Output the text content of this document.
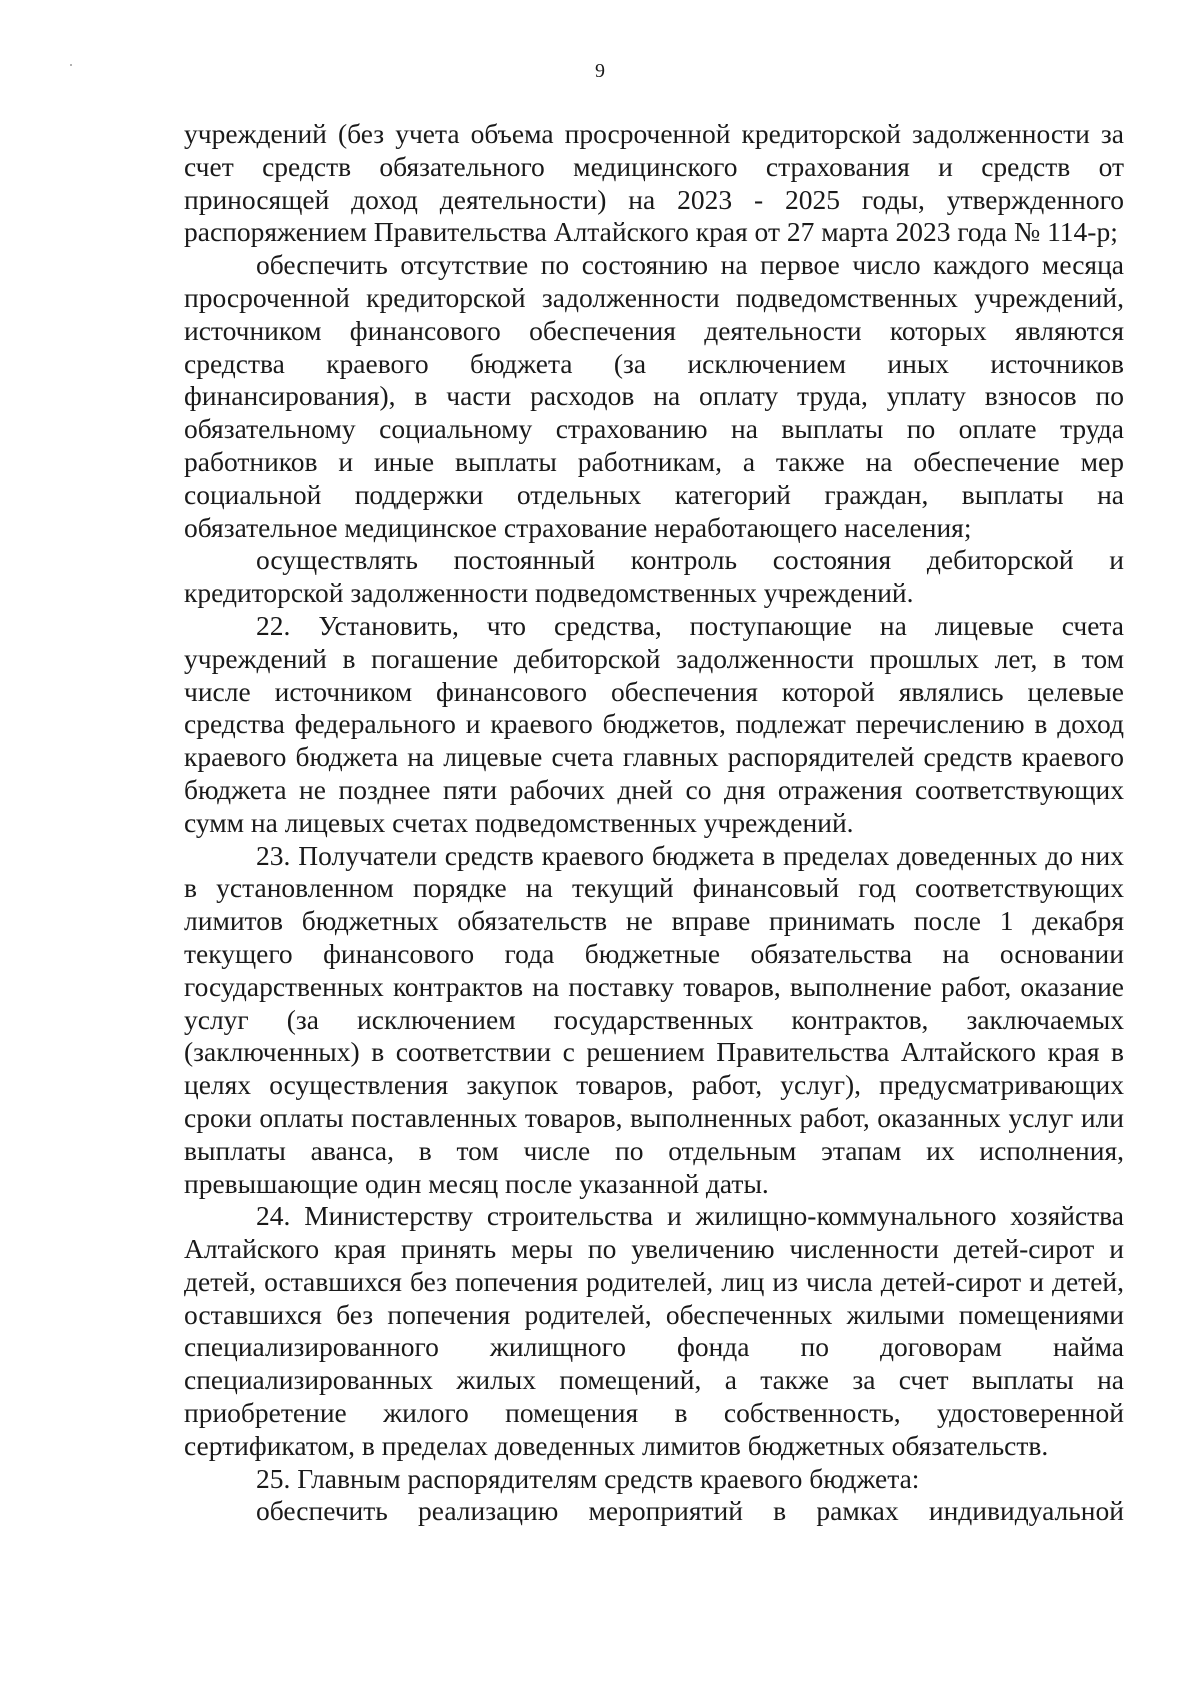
9

учреждений (без учета объема просроченной кредиторской задолженности за счет средств обязательного медицинского страхования и средств от приносящей доход деятельности) на 2023 - 2025 годы, утвержденного распоряжением Правительства Алтайского края от 27 марта 2023 года № 114-р;

обеспечить отсутствие по состоянию на первое число каждого месяца просроченной кредиторской задолженности подведомственных учреждений, источником финансового обеспечения деятельности которых являются средства краевого бюджета (за исключением иных источников финансирования), в части расходов на оплату труда, уплату взносов по обязательному социальному страхованию на выплаты по оплате труда работников и иные выплаты работникам, а также на обеспечение мер социальной поддержки отдельных категорий граждан, выплаты на обязательное медицинское страхование неработающего населения;

осуществлять постоянный контроль состояния дебиторской и кредиторской задолженности подведомственных учреждений.

22. Установить, что средства, поступающие на лицевые счета учреждений в погашение дебиторской задолженности прошлых лет, в том числе источником финансового обеспечения которой являлись целевые средства федерального и краевого бюджетов, подлежат перечислению в доход краевого бюджета на лицевые счета главных распорядителей средств краевого бюджета не позднее пяти рабочих дней со дня отражения соответствующих сумм на лицевых счетах подведомственных учреждений.

23. Получатели средств краевого бюджета в пределах доведенных до них в установленном порядке на текущий финансовый год соответствующих лимитов бюджетных обязательств не вправе принимать после 1 декабря текущего финансового года бюджетные обязательства на основании государственных контрактов на поставку товаров, выполнение работ, оказание услуг (за исключением государственных контрактов, заключаемых (заключенных) в соответствии с решением Правительства Алтайского края в целях осуществления закупок товаров, работ, услуг), предусматривающих сроки оплаты поставленных товаров, выполненных работ, оказанных услуг или выплаты аванса, в том числе по отдельным этапам их исполнения, превышающие один месяц после указанной даты.

24. Министерству строительства и жилищно-коммунального хозяйства Алтайского края принять меры по увеличению численности детей-сирот и детей, оставшихся без попечения родителей, лиц из числа детей-сирот и детей, оставшихся без попечения родителей, обеспеченных жилыми помещениями специализированного жилищного фонда по договорам найма специализированных жилых помещений, а также за счет выплаты на приобретение жилого помещения в собственность, удостоверенной сертификатом, в пределах доведенных лимитов бюджетных обязательств.

25. Главным распорядителям средств краевого бюджета:

обеспечить реализацию мероприятий в рамках индивидуальной
